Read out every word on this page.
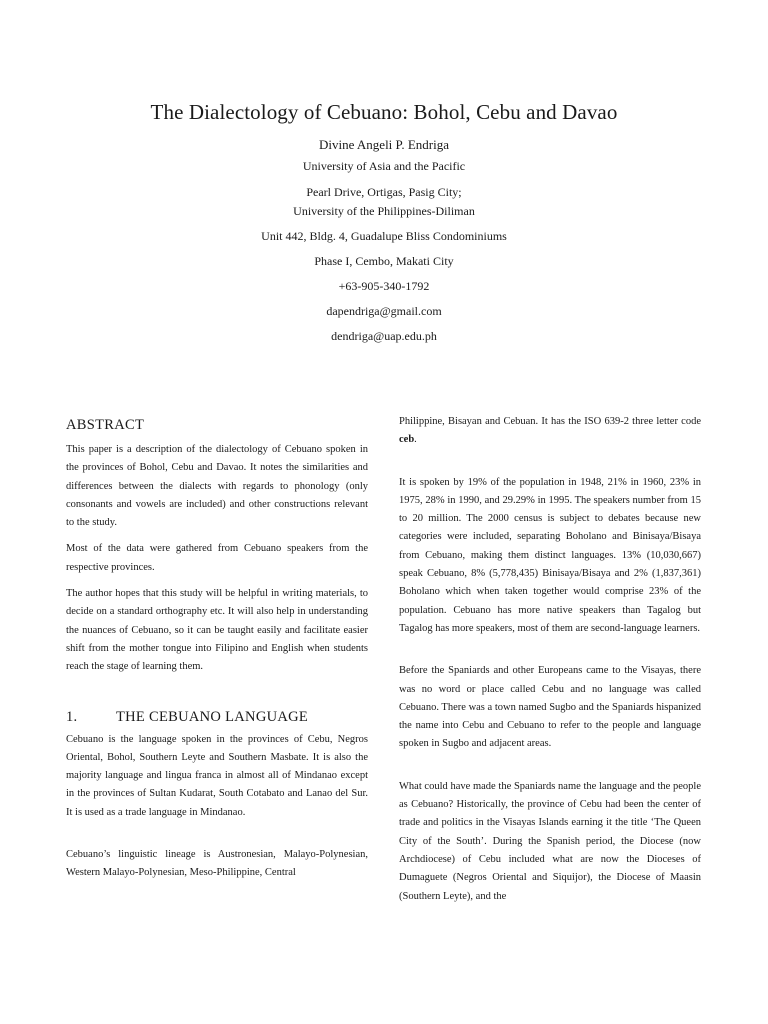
The Dialectology of Cebuano: Bohol, Cebu and Davao

Divine Angeli P. Endriga

University of Asia and the Pacific

Pearl Drive, Ortigas, Pasig City;

University of the Philippines-Diliman

Unit 442, Bldg. 4, Guadalupe Bliss Condominiums

Phase I, Cembo, Makati City

+63-905-340-1792

dapendriga@gmail.com

dendriga@uap.edu.ph

ABSTRACT

This paper is a description of the dialectology of Cebuano spoken in the provinces of Bohol, Cebu and Davao. It notes the similarities and differences between the dialects with regards to phonology (only consonants and vowels are included) and other constructions relevant to the study.

Most of the data were gathered from Cebuano speakers from the respective provinces.

The author hopes that this study will be helpful in writing materials, to decide on a standard orthography etc. It will also help in understanding the nuances of Cebuano, so it can be taught easily and facilitate easier shift from the mother tongue into Filipino and English when students reach the stage of learning them.

1.	THE CEBUANO LANGUAGE

Cebuano is the language spoken in the provinces of Cebu, Negros Oriental, Bohol, Southern Leyte and Southern Masbate. It is also the majority language and lingua franca in almost all of Mindanao except in the provinces of Sultan Kudarat, South Cotabato and Lanao del Sur. It is used as a trade language in Mindanao.

Cebuano’s linguistic lineage is Austronesian, Malayo-Polynesian, Western Malayo-Polynesian, Meso-Philippine, Central

Philippine, Bisayan and Cebuan. It has the ISO 639-2 three letter code ceb.

It is spoken by 19% of the population in 1948, 21% in 1960, 23% in 1975, 28% in 1990, and 29.29% in 1995. The speakers number from 15 to 20 million. The 2000 census is subject to debates because new categories were included, separating Boholano and Binisaya/Bisaya from Cebuano, making them distinct languages. 13% (10,030,667) speak Cebuano, 8% (5,778,435) Binisaya/Bisaya and 2% (1,837,361) Boholano which when taken together would comprise 23% of the population. Cebuano has more native speakers than Tagalog but Tagalog has more speakers, most of them are second-language learners.

Before the Spaniards and other Europeans came to the Visayas, there was no word or place called Cebu and no language was called Cebuano. There was a town named Sugbo and the Spaniards hispanized the name into Cebu and Cebuano to refer to the people and language spoken in Sugbo and adjacent areas.

What could have made the Spaniards name the language and the people as Cebuano? Historically, the province of Cebu had been the center of trade and politics in the Visayas Islands earning it the title ‘The Queen City of the South’. During the Spanish period, the Diocese (now Archdiocese) of Cebu included what are now the Dioceses of Dumaguete (Negros Oriental and Siquijor), the Diocese of Maasin (Southern Leyte), and the
